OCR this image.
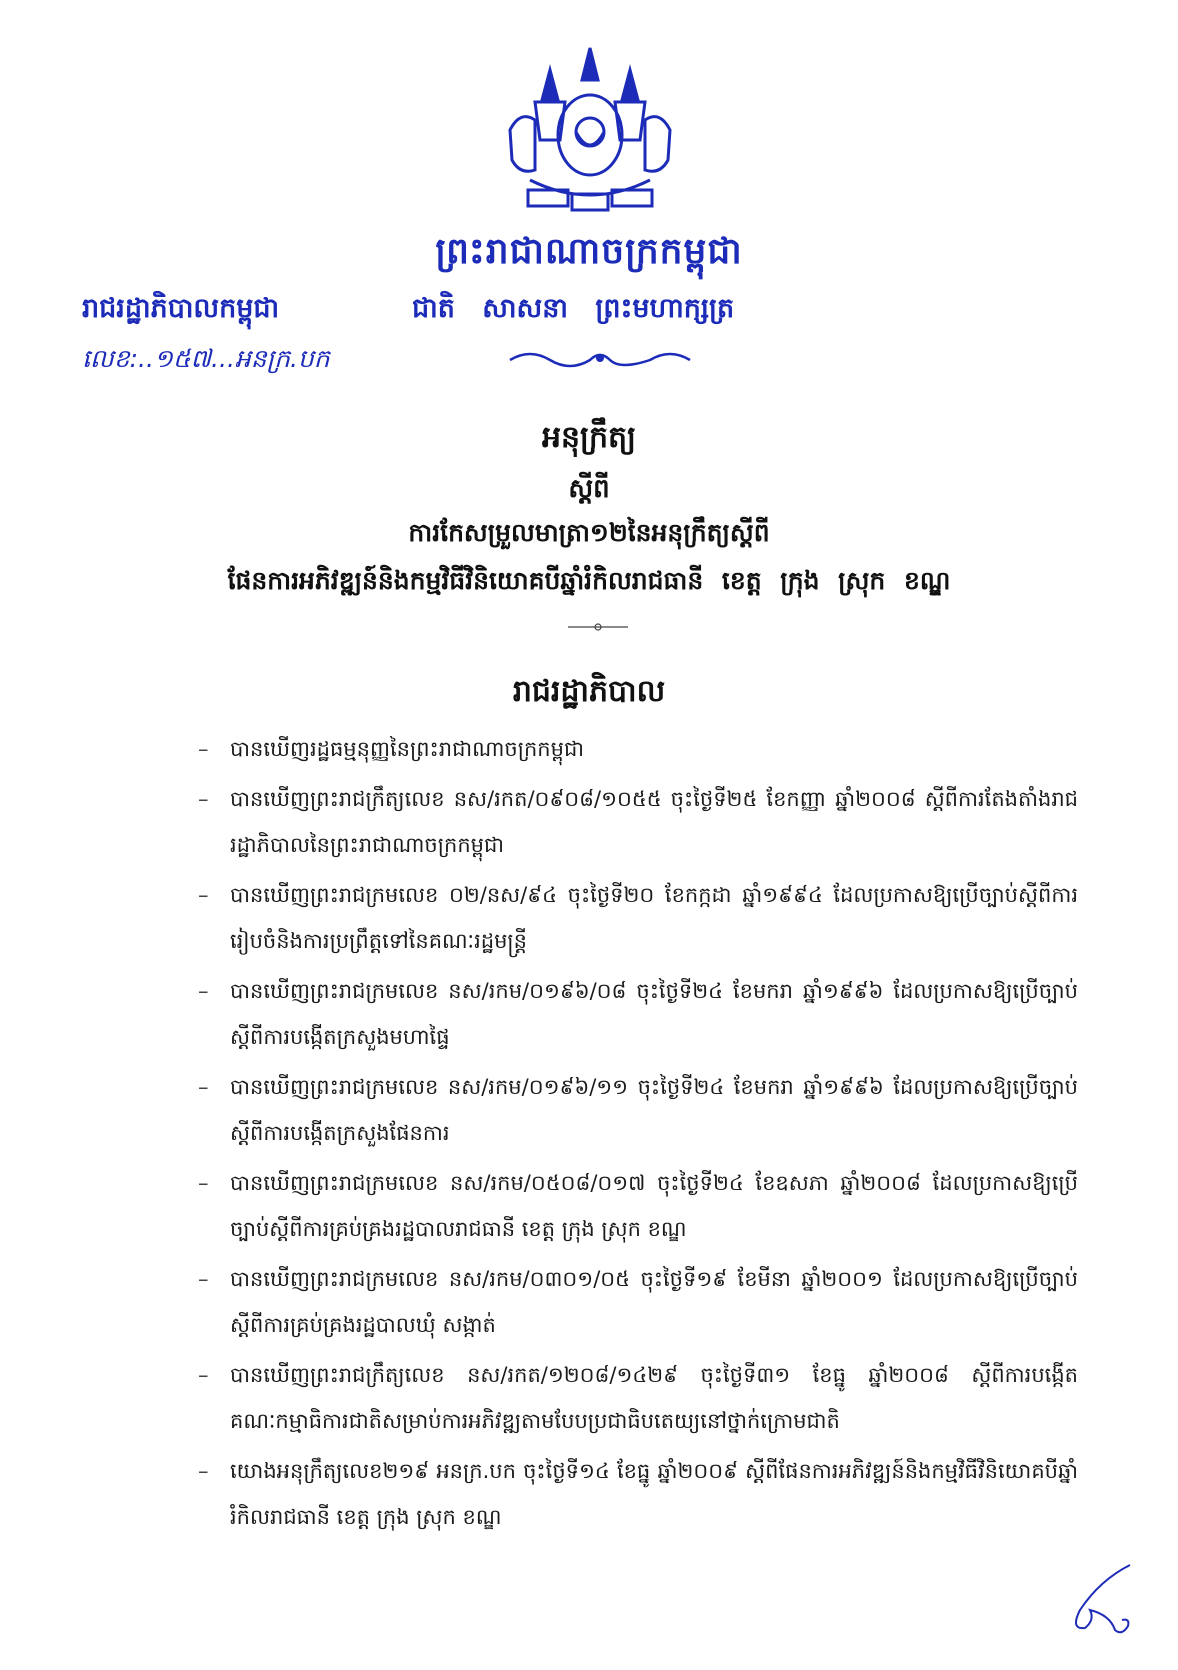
ព្រះរាជាណាចក្រកម្ពុជា
រាជរដ្ឋាភិបាលកម្ពុជា	ជាតិ សាសនា ព្រះមហាក្សត្រ
លេខ:..១៥៧...អនក្រ.បក
អនុក្រឹត្យ
ស្តីពី
ការកែសម្រួលមាត្រា១២នៃអនុក្រឹត្យស្តីពី
ផែនការអភិវឌ្ឍន៍និងកម្មវិធីវិនិយោគបីឆ្នាំរំកិលរាជធានី ខេត្ត ក្រុង ស្រុក ខណ្ឌ
រាជរដ្ឋាភិបាល
– បានឃើញរដ្ឋធម្មនុញ្ញនៃព្រះរាជាណាចក្រកម្ពុជា
– បានឃើញព្រះរាជក្រឹត្យលេខ នស/រកត/០៩០៨/១០៥៥ ចុះថ្ងៃទី២៥ ខែកញ្ញា ឆ្នាំ២០០៨ ស្តីពីការតែងតាំងរាជរដ្ឋាភិបាលនៃព្រះរាជាណាចក្រកម្ពុជា
– បានឃើញព្រះរាជក្រមលេខ ០២/នស/៩៤ ចុះថ្ងៃទី២០ ខែកក្កដា ឆ្នាំ១៩៩៤ ដែលប្រកាសឱ្យប្រើច្បាប់ស្តីពីការរៀបចំនិងការប្រព្រឹត្តទៅនៃគណៈរដ្ឋមន្ត្រី
– បានឃើញព្រះរាជក្រមលេខ នស/រកម/០១៩៦/០៨ ចុះថ្ងៃទី២៤ ខែមករា ឆ្នាំ១៩៩៦ ដែលប្រកាសឱ្យប្រើច្បាប់ស្តីពីការបង្កើតក្រសួងមហាផ្ទៃ
– បានឃើញព្រះរាជក្រមលេខ នស/រកម/០១៩៦/១១ ចុះថ្ងៃទី២៤ ខែមករា ឆ្នាំ១៩៩៦ ដែលប្រកាសឱ្យប្រើច្បាប់ស្តីពីការបង្កើតក្រសួងផែនការ
– បានឃើញព្រះរាជក្រមលេខ នស/រកម/០៥០៨/០១៧ ចុះថ្ងៃទី២៤ ខែឧសភា ឆ្នាំ២០០៨ ដែលប្រកាសឱ្យប្រើច្បាប់ស្តីពីការគ្រប់គ្រងរដ្ឋបាលរាជធានី ខេត្ត ក្រុង ស្រុក ខណ្ឌ
– បានឃើញព្រះរាជក្រមលេខ នស/រកម/០៣០១/០៥ ចុះថ្ងៃទី១៩ ខែមីនា ឆ្នាំ២០០១ ដែលប្រកាសឱ្យប្រើច្បាប់ស្តីពីការគ្រប់គ្រងរដ្ឋបាលឃុំ សង្កាត់
– បានឃើញព្រះរាជក្រឹត្យលេខ នស/រកត/១២០៨/១៤២៩ ចុះថ្ងៃទី៣១ ខែធ្នូ ឆ្នាំ២០០៨ ស្តីពីការបង្កើតគណៈកម្មាធិការជាតិសម្រាប់ការអភិវឌ្ឍតាមបែបប្រជាធិបតេយ្យនៅថ្នាក់ក្រោមជាតិ
– យោងអនុក្រឹត្យលេខ២១៩ អនក្រ.បក ចុះថ្ងៃទី១៤ ខែធ្នូ ឆ្នាំ២០០៩ ស្តីពីផែនការអភិវឌ្ឍន៍និងកម្មវិធីវិនិយោគបីឆ្នាំរំកិលរាជធានី ខេត្ត ក្រុង ស្រុក ខណ្ឌ
